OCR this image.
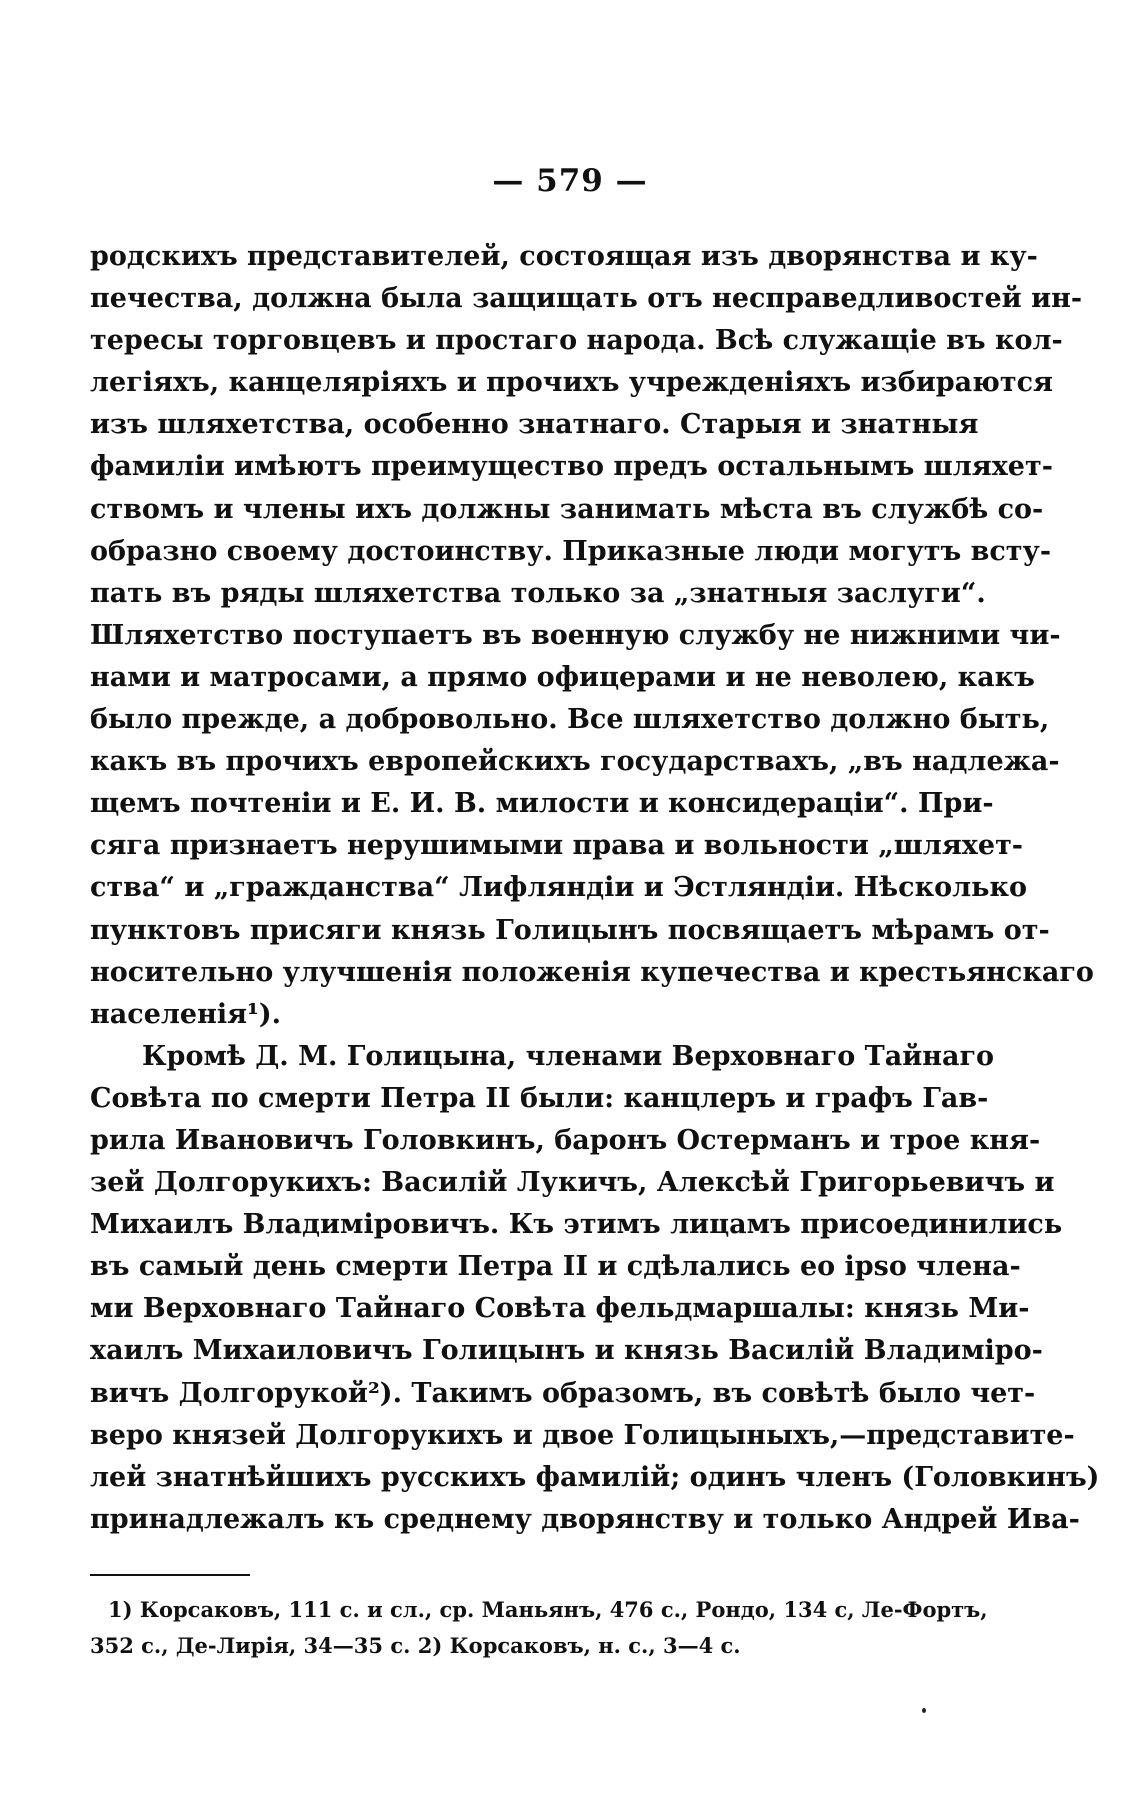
— 579 —
родскихъ представителей, состоящая изъ дворянства и ку-
печества, должна была защищать отъ несправедливостей ин-
тересы торговцевъ и простаго народа. Всѣ служащіе въ кол-
легіяхъ, канцеляріяхъ и прочихъ учрежденіяхъ избираются
изъ шляхетства, особенно знатнаго. Старыя и знатныя
фамиліи имѣютъ преимущество предъ остальнымъ шляхет-
ствомъ и члены ихъ должны занимать мѣста въ службѣ со-
образно своему достоинству. Приказные люди могутъ всту-
пать въ ряды шляхетства только за „знатныя заслуги“.
Шляхетство поступаетъ въ военную службу не нижними чи-
нами и матросами, а прямо офицерами и не неволею, какъ
было прежде, а добровольно. Все шляхетство должно быть,
какъ въ прочихъ европейскихъ государствахъ, „въ надлежа-
щемъ почтеніи и Е. И. В. милости и консидераціи“. При-
сяга признаетъ нерушимыми права и вольности „шляхет-
ства“ и „гражданства“ Лифляндіи и Эстляндіи. Нѣсколько
пунктовъ присяги князь Голицынъ посвящаетъ мѣрамъ от-
носительно улучшенія положенія купечества и крестьянскаго
населенія¹).
Кромѣ Д. М. Голицына, членами Верховнаго Тайнаго
Совѣта по смерти Петра II были: канцлеръ и графъ Гав-
рила Ивановичъ Головкинъ, баронъ Остерманъ и трое кня-
зей Долгорукихъ: Василій Лукичъ, Алексѣй Григорьевичъ и
Михаилъ Владиміровичъ. Къ этимъ лицамъ присоединились
въ самый день смерти Петра II и сдѣлались ео ipso члена-
ми Верховнаго Тайнаго Совѣта фельдмаршалы: князь Ми-
хаилъ Михаиловичъ Голицынъ и князь Василій Владиміро-
вичъ Долгорукой²). Такимъ образомъ, въ совѣтѣ было чет-
веро князей Долгорукихъ и двое Голицыныхъ,—представите-
лей знатнѣйшихъ русскихъ фамилій; одинъ членъ (Головкинъ)
принадлежалъ къ среднему дворянству и только Андрей Ива-
1) Корсаковъ, 111 с. и сл., ср. Маньянъ, 476 с., Рондо, 134 с, Ле-Фортъ,
352 с., Де-Лирія, 34—35 с. 2) Корсаковъ, н. с., 3—4 с.
